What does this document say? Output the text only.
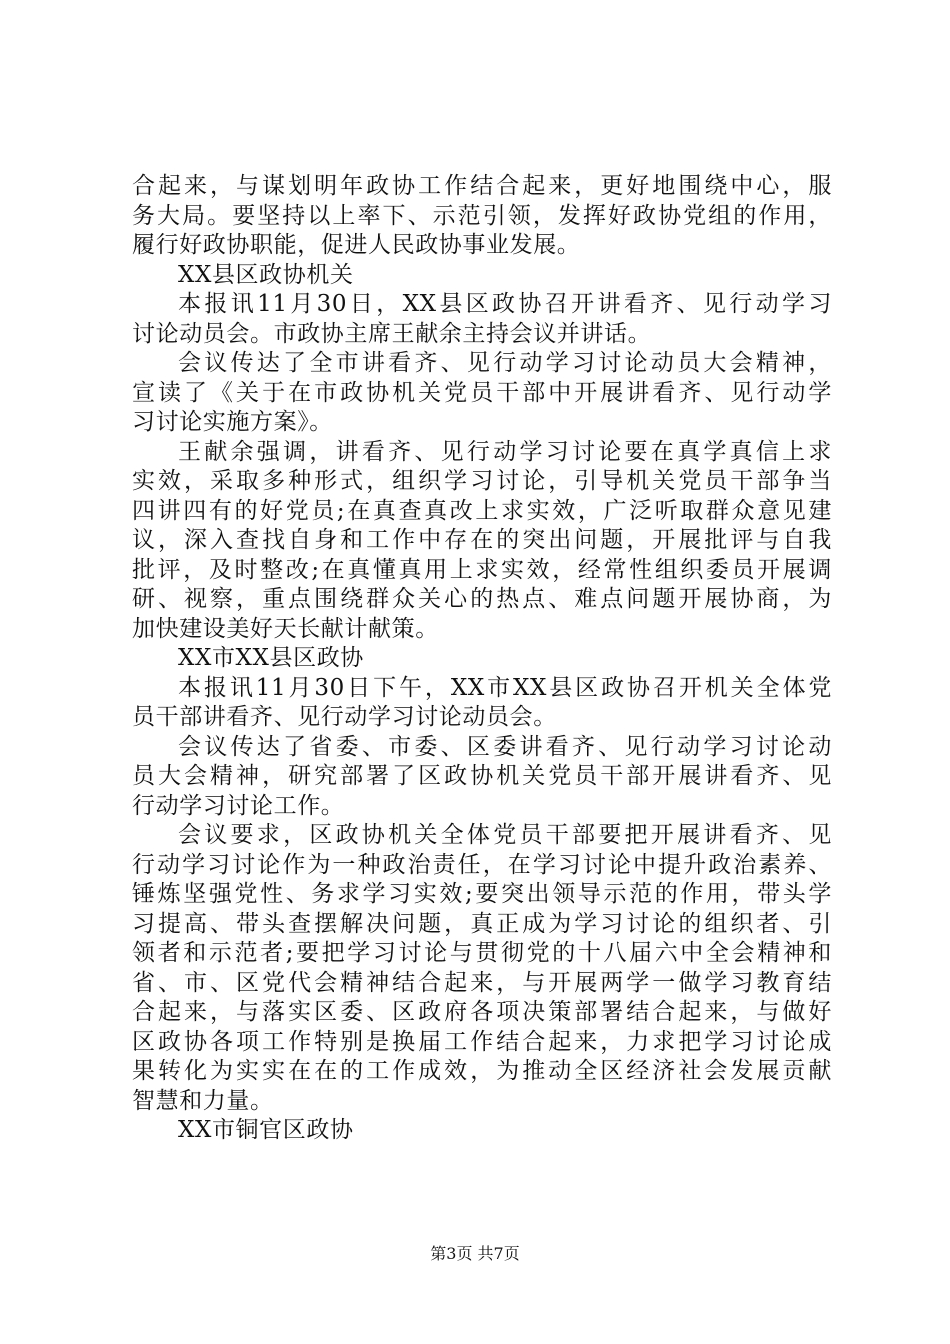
合起来，与谋划明年政协工作结合起来，更好地围绕中心，服
务大局。要坚持以上率下、示范引领，发挥好政协党组的作用，
履行好政协职能，促进人民政协事业发展。
XX县区政协机关
本报讯11月30日，XX县区政协召开讲看齐、见行动学习
讨论动员会。市政协主席王献余主持会议并讲话。
会议传达了全市讲看齐、见行动学习讨论动员大会精神，
宣读了《关于在市政协机关党员干部中开展讲看齐、见行动学
习讨论实施方案》。
王献余强调，讲看齐、见行动学习讨论要在真学真信上求
实效，采取多种形式，组织学习讨论，引导机关党员干部争当
四讲四有的好党员;在真查真改上求实效，广泛听取群众意见建
议，深入查找自身和工作中存在的突出问题，开展批评与自我
批评，及时整改;在真懂真用上求实效，经常性组织委员开展调
研、视察，重点围绕群众关心的热点、难点问题开展协商，为
加快建设美好天长献计献策。
XX市XX县区政协
本报讯11月30日下午，XX市XX县区政协召开机关全体党
员干部讲看齐、见行动学习讨论动员会。
会议传达了省委、市委、区委讲看齐、见行动学习讨论动
员大会精神，研究部署了区政协机关党员干部开展讲看齐、见
行动学习讨论工作。
会议要求，区政协机关全体党员干部要把开展讲看齐、见
行动学习讨论作为一种政治责任，在学习讨论中提升政治素养、
锤炼坚强党性、务求学习实效;要突出领导示范的作用，带头学
习提高、带头查摆解决问题，真正成为学习讨论的组织者、引
领者和示范者;要把学习讨论与贯彻党的十八届六中全会精神和
省、市、区党代会精神结合起来，与开展两学一做学习教育结
合起来，与落实区委、区政府各项决策部署结合起来，与做好
区政协各项工作特别是换届工作结合起来，力求把学习讨论成
果转化为实实在在的工作成效，为推动全区经济社会发展贡献
智慧和力量。
XX市铜官区政协
第3页 共7页
